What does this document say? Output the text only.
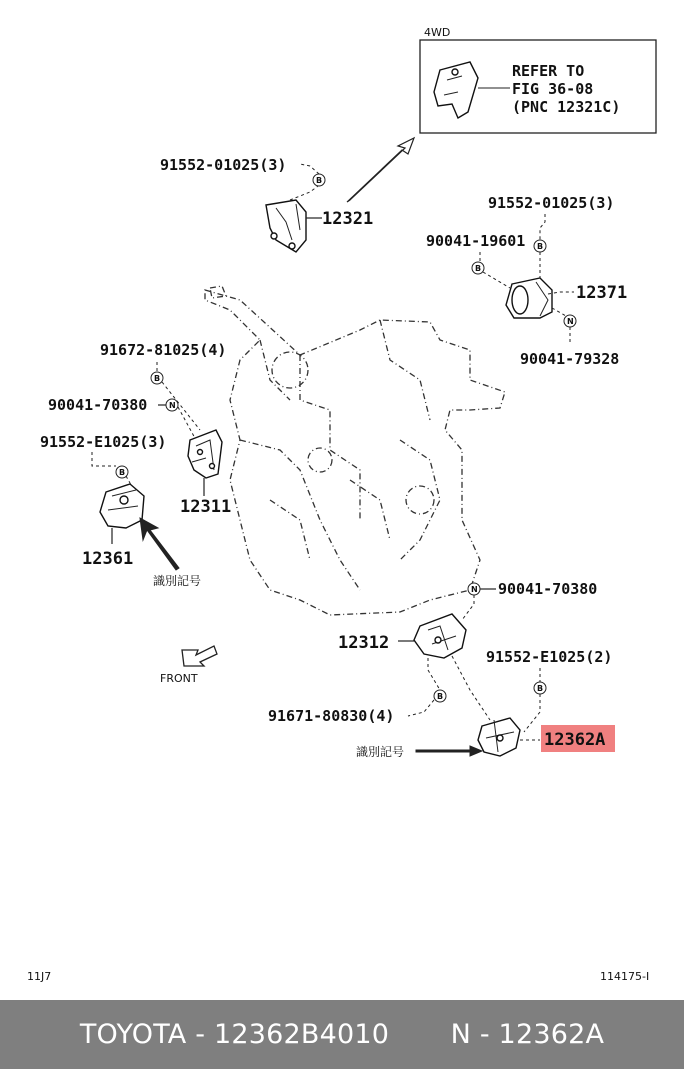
4WD
REFER TO
FIG 36-08
(PNC 12321C)
12321
B
91552-01025(3)
91552-01025(3)
B
90041-19601
B
12371
N
90041-79328
91672-81025(4)
B
90041-70380	N
91552-E1025(3)
B
12311
12361
識別記号
FRONT
N 90041-70380
12312
91552-E1025(2)
B
B
91671-80830(4)
12362A
識別記号
11J7	114175-I
TOYOTA - 12362B4010 N - 12362A
